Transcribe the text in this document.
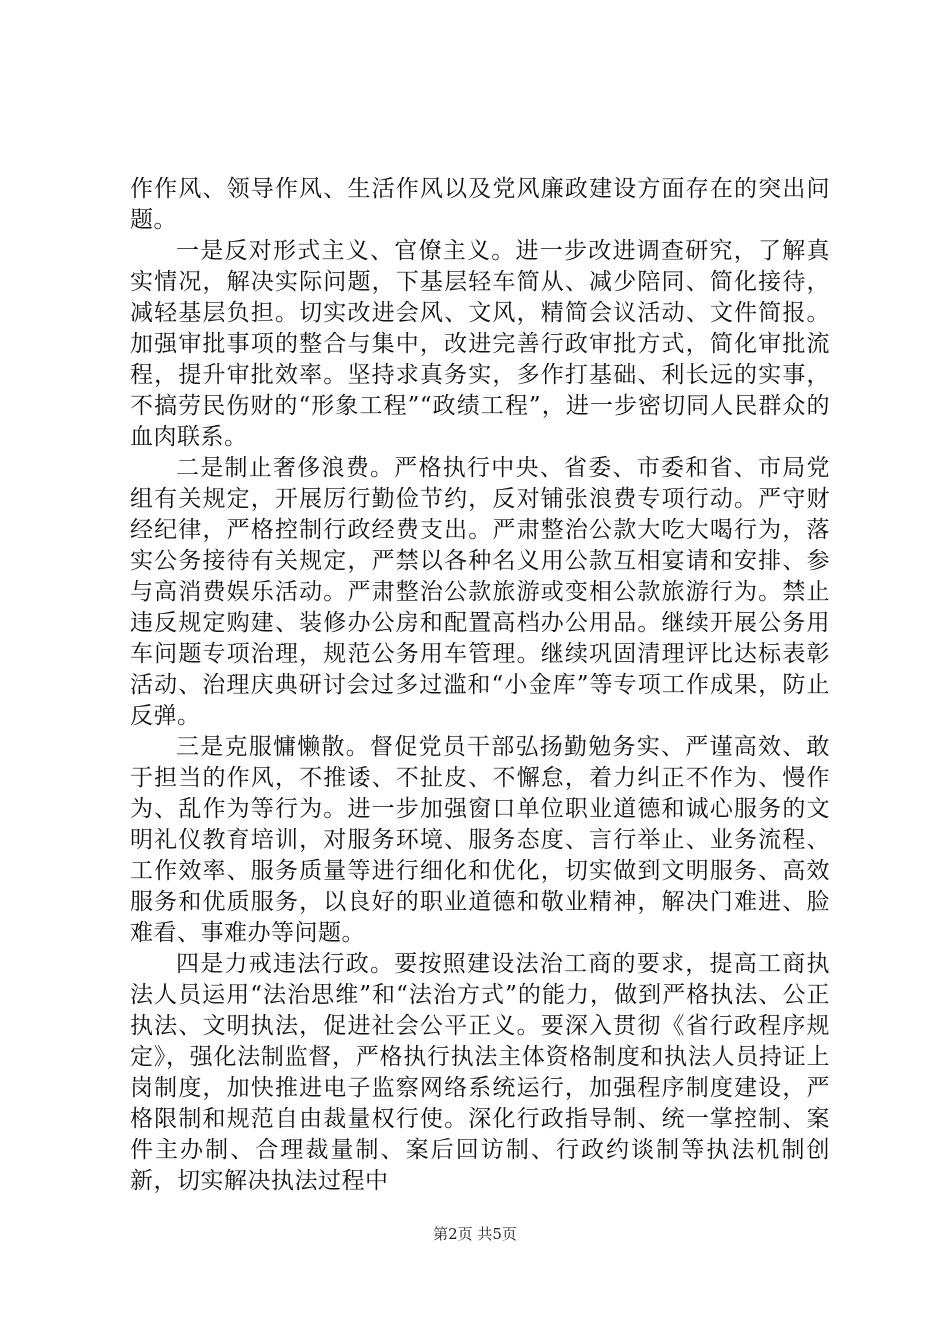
作作风、领导作风、生活作风以及党风廉政建设方面存在的突出问题。

一是反对形式主义、官僚主义。进一步改进调查研究，了解真实情况，解决实际问题，下基层轻车简从、减少陪同、简化接待，减轻基层负担。切实改进会风、文风，精简会议活动、文件简报。加强审批事项的整合与集中，改进完善行政审批方式，简化审批流程，提升审批效率。坚持求真务实，多作打基础、利长远的实事，不搞劳民伤财的“形象工程”“政绩工程”，进一步密切同人民群众的血肉联系。

二是制止奢侈浪费。严格执行中央、省委、市委和省、市局党组有关规定，开展厉行勤俭节约，反对铺张浪费专项行动。严守财经纪律，严格控制行政经费支出。严肃整治公款大吃大喝行为，落实公务接待有关规定，严禁以各种名义用公款互相宴请和安排、参与高消费娱乐活动。严肃整治公款旅游或变相公款旅游行为。禁止违反规定购建、装修办公房和配置高档办公用品。继续开展公务用车问题专项治理，规范公务用车管理。继续巩固清理评比达标表彰活动、治理庆典研讨会过多过滥和“小金库”等专项工作成果，防止反弹。

三是克服慵懒散。督促党员干部弘扬勤勉务实、严谨高效、敢于担当的作风，不推诿、不扯皮、不懈怠，着力纠正不作为、慢作为、乱作为等行为。进一步加强窗口单位职业道德和诚心服务的文明礼仪教育培训，对服务环境、服务态度、言行举止、业务流程、工作效率、服务质量等进行细化和优化，切实做到文明服务、高效服务和优质服务，以良好的职业道德和敬业精神，解决门难进、脸难看、事难办等问题。

四是力戒违法行政。要按照建设法治工商的要求，提高工商执法人员运用“法治思维”和“法治方式”的能力，做到严格执法、公正执法、文明执法，促进社会公平正义。要深入贯彻《省行政程序规定》，强化法制监督，严格执行执法主体资格制度和执法人员持证上岗制度，加快推进电子监察网络系统运行，加强程序制度建设，严格限制和规范自由裁量权行使。深化行政指导制、统一掌控制、案件主办制、合理裁量制、案后回访制、行政约谈制等执法机制创新，切实解决执法过程中

第2页 共5页
